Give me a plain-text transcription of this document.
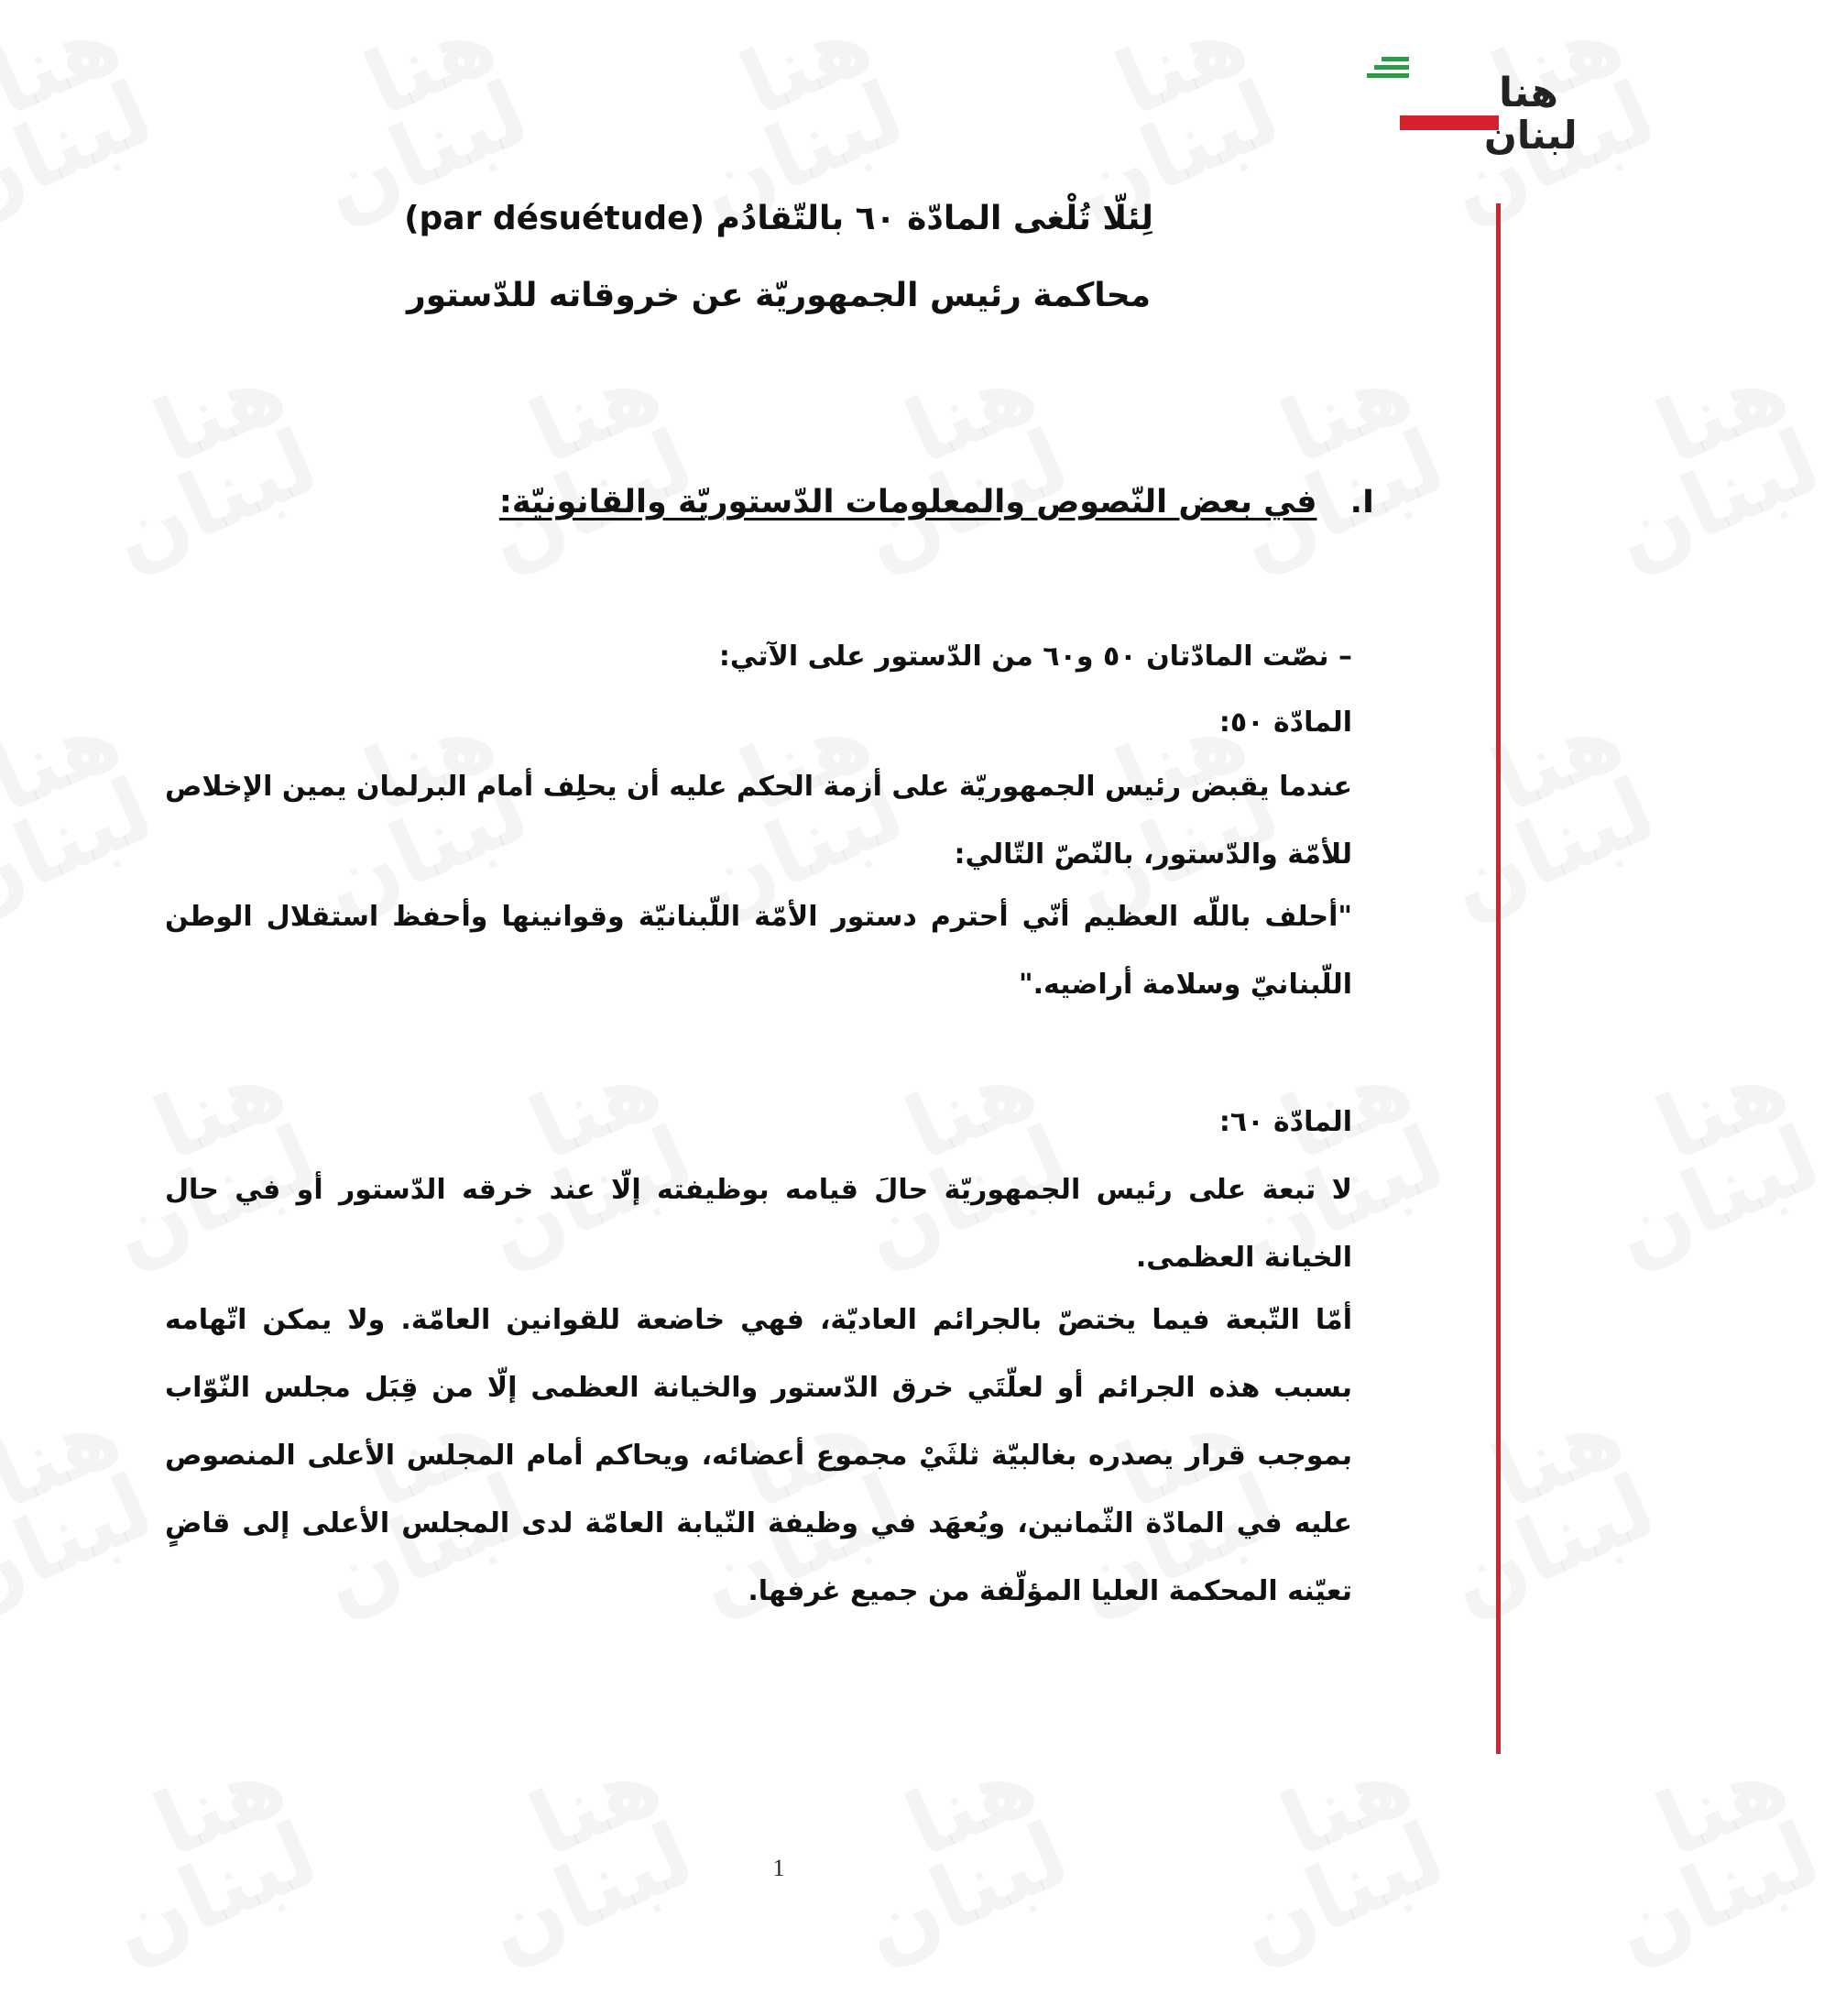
هنا
لبنان
لِئلّا تُلْغى المادّة ٦٠ بالتّقادُم (par désuétude)
محاكمة رئيس الجمهوريّة عن خروقاته للدّستور
I. في بعض النّصوص والمعلومات الدّستوريّة والقانونيّة:

– نصّت المادّتان ٥٠ و٦٠ من الدّستور على الآتي:

المادّة ٥٠:

عندما يقبض رئيس الجمهوريّة على أزمة الحكم عليه أن يحلِف أمام البرلمان يمين الإخلاص للأمّة والدّستور، بالنّصّ التّالي:

"أحلف باللّه العظيم أنّي أحترم دستور الأمّة اللّبنانيّة وقوانينها وأحفظ استقلال الوطن اللّبنانيّ وسلامة أراضيه."

المادّة ٦٠:

لا تبعة على رئيس الجمهوريّة حالَ قيامه بوظيفته إلّا عند خرقه الدّستور أو في حال الخيانة العظمى.

أمّا التّبعة فيما يختصّ بالجرائم العاديّة، فهي خاضعة للقوانين العامّة. ولا يمكن اتّهامه بسبب هذه الجرائم أو لعلّتَي خرق الدّستور والخيانة العظمى إلّا من قِبَل مجلس النّوّاب بموجب قرار يصدره بغالبيّة ثلثَيْ مجموع أعضائه، ويحاكم أمام المجلس الأعلى المنصوص عليه في المادّة الثّمانين، ويُعهَد في وظيفة النّيابة العامّة لدى المجلس الأعلى إلى قاضٍ تعيّنه المحكمة العليا المؤلّفة من جميع غرفها.

1
